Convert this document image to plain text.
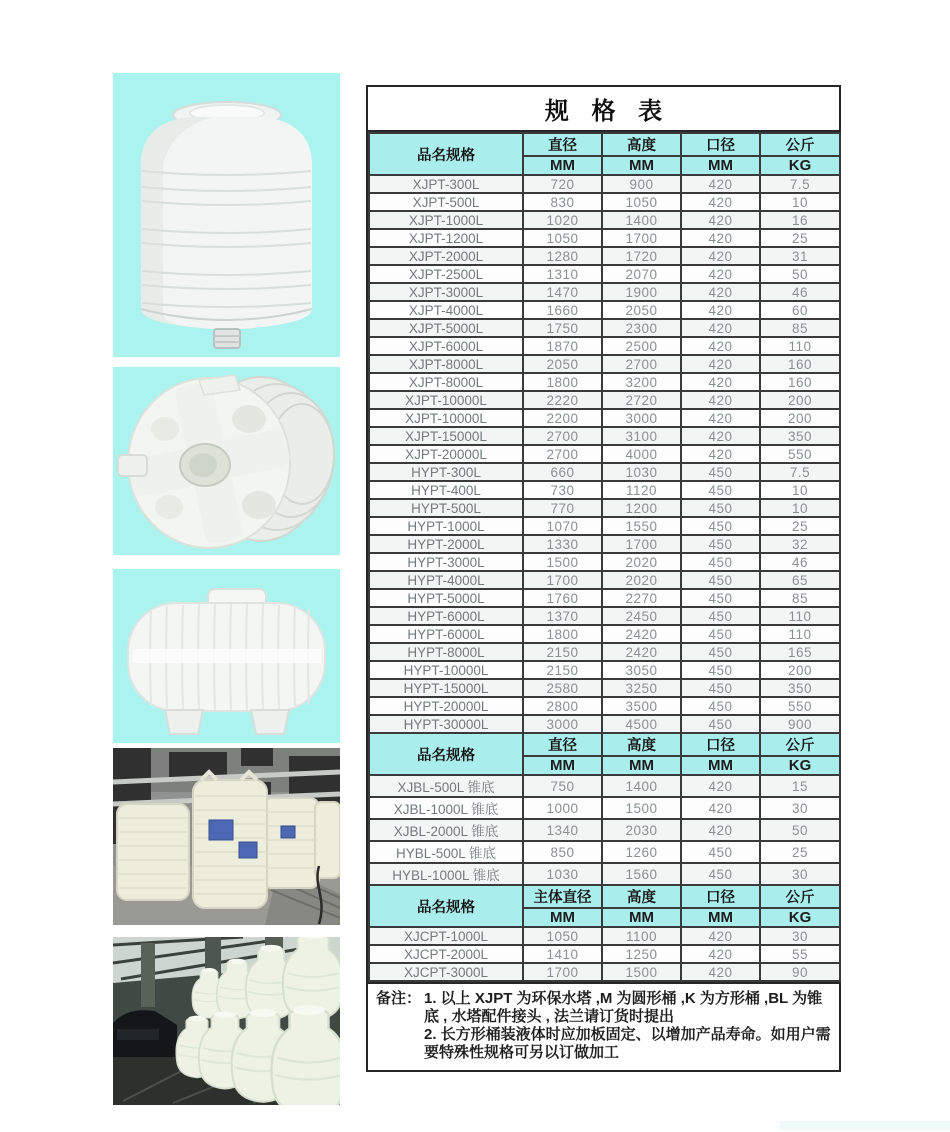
规 格 表
品名规格	直径	高度	口径	公斤
	MM	MM	MM	KG
XJPT-300L	720	900	420	7.5
XJPT-500L	830	1050	420	10
XJPT-1000L	1020	1400	420	16
XJPT-1200L	1050	1700	420	25
XJPT-2000L	1280	1720	420	31
XJPT-2500L	1310	2070	420	50
XJPT-3000L	1470	1900	420	46
XJPT-4000L	1660	2050	420	60
XJPT-5000L	1750	2300	420	85
XJPT-6000L	1870	2500	420	110
XJPT-8000L	2050	2700	420	160
XJPT-8000L	1800	3200	420	160
XJPT-10000L	2220	2720	420	200
XJPT-10000L	2200	3000	420	200
XJPT-15000L	2700	3100	420	350
XJPT-20000L	2700	4000	420	550
HYPT-300L	660	1030	450	7.5
HYPT-400L	730	1120	450	10
HYPT-500L	770	1200	450	10
HYPT-1000L	1070	1550	450	25
HYPT-2000L	1330	1700	450	32
HYPT-3000L	1500	2020	450	46
HYPT-4000L	1700	2020	450	65
HYPT-5000L	1760	2270	450	85
HYPT-6000L	1370	2450	450	110
HYPT-6000L	1800	2420	450	110
HYPT-8000L	2150	2420	450	165
HYPT-10000L	2150	3050	450	200
HYPT-15000L	2580	3250	450	350
HYPT-20000L	2800	3500	450	550
HYPT-30000L	3000	4500	450	900
品名规格	直径	高度	口径	公斤
	MM	MM	MM	KG
XJBL-500L 锥底	750	1400	420	15
XJBL-1000L 锥底	1000	1500	420	30
XJBL-2000L 锥底	1340	2030	420	50
HYBL-500L 锥底	850	1260	450	25
HYBL-1000L 锥底	1030	1560	450	30
品名规格	主体直径	高度	口径	公斤
	MM	MM	MM	KG
XJCPT-1000L	1050	1100	420	30
XJCPT-2000L	1410	1250	420	55
XJCPT-3000L	1700	1500	420	90
备注： 1. 以上 XJPT 为环保水塔 ,M 为圆形桶 ,K 为方形桶 ,BL 为锥底 , 水塔配件接头 , 法兰请订货时提出
2. 长方形桶装液体时应加板固定、以增加产品寿命。如用户需要特殊性规格可另以订做加工
